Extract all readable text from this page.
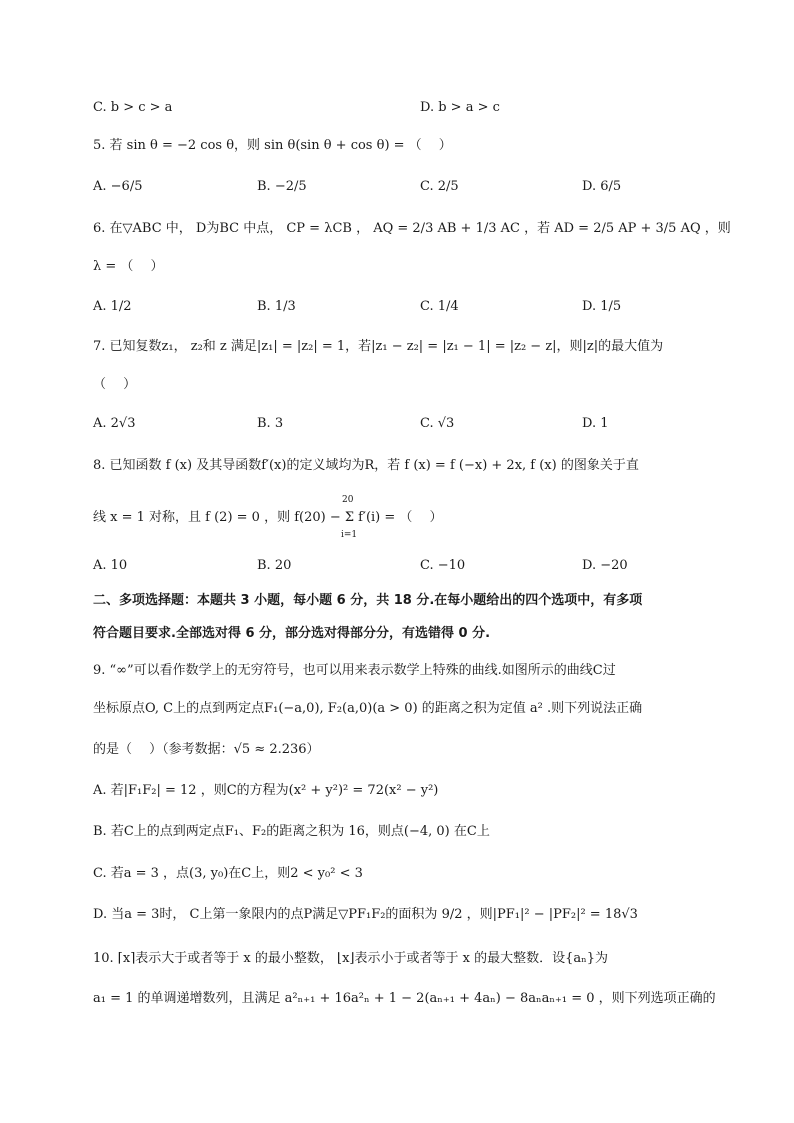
C. b > c > a	D. b > a > c
5. 若 sin θ = −2 cos θ，则 sin θ(sin θ + cos θ) = （　 ）
A. −6/5	B. −2/5	C. 2/5	D. 6/5
6. 在▽ABC 中， D为BC 中点， CP = λCB ， AQ = 2/3 AB + 1/3 AC ，若 AD = 2/5 AP + 3/5 AQ ，则
λ = （　 ）
A. 1/2	B. 1/3	C. 1/4	D. 1/5
7. 已知复数z₁， z₂和 z 满足|z₁| = |z₂| = 1，若|z₁ − z₂| = |z₁ − 1| = |z₂ − z|，则|z|的最大值为
（　 ）
A. 2√3	B. 3	C. √3	D. 1
8. 已知函数 f (x) 及其导函数f′(x)的定义域均为R，若 f (x) = f (−x) + 2x, f (x) 的图象关于直
线 x = 1 对称，且 f (2) = 0 ，则 f(20) − Σ f′(i) = （　 ）
20
i=1
A. 10	B. 20	C. −10	D. −20
二、多项选择题：本题共 3 小题，每小题 6 分，共 18 分.在每小题给出的四个选项中，有多项
符合题目要求.全部选对得 6 分，部分选对得部分分，有选错得 0 分.
9. “∞”可以看作数学上的无穷符号，也可以用来表示数学上特殊的曲线.如图所示的曲线C过
坐标原点O, C上的点到两定点F₁(−a,0), F₂(a,0)(a > 0) 的距离之积为定值 a² .则下列说法正确
的是（　 ）（参考数据：√5 ≈ 2.236）
A. 若|F₁F₂| = 12 ，则C的方程为(x² + y²)² = 72(x² − y²)
B. 若C上的点到两定点F₁、F₂的距离之积为 16，则点(−4, 0) 在C上
C. 若a = 3 ，点(3, y₀)在C上，则2 < y₀² < 3
D. 当a = 3时， C上第一象限内的点P满足▽PF₁F₂的面积为 9/2 ，则|PF₁|² − |PF₂|² = 18√3
10. ⌈x⌉表示大于或者等于 x 的最小整数， ⌊x⌋表示小于或者等于 x 的最大整数．设{aₙ}为
a₁ = 1 的单调递增数列，且满足 a²ₙ₊₁ + 16a²ₙ + 1 − 2(aₙ₊₁ + 4aₙ) − 8aₙaₙ₊₁ = 0 ，则下列选项正确的
